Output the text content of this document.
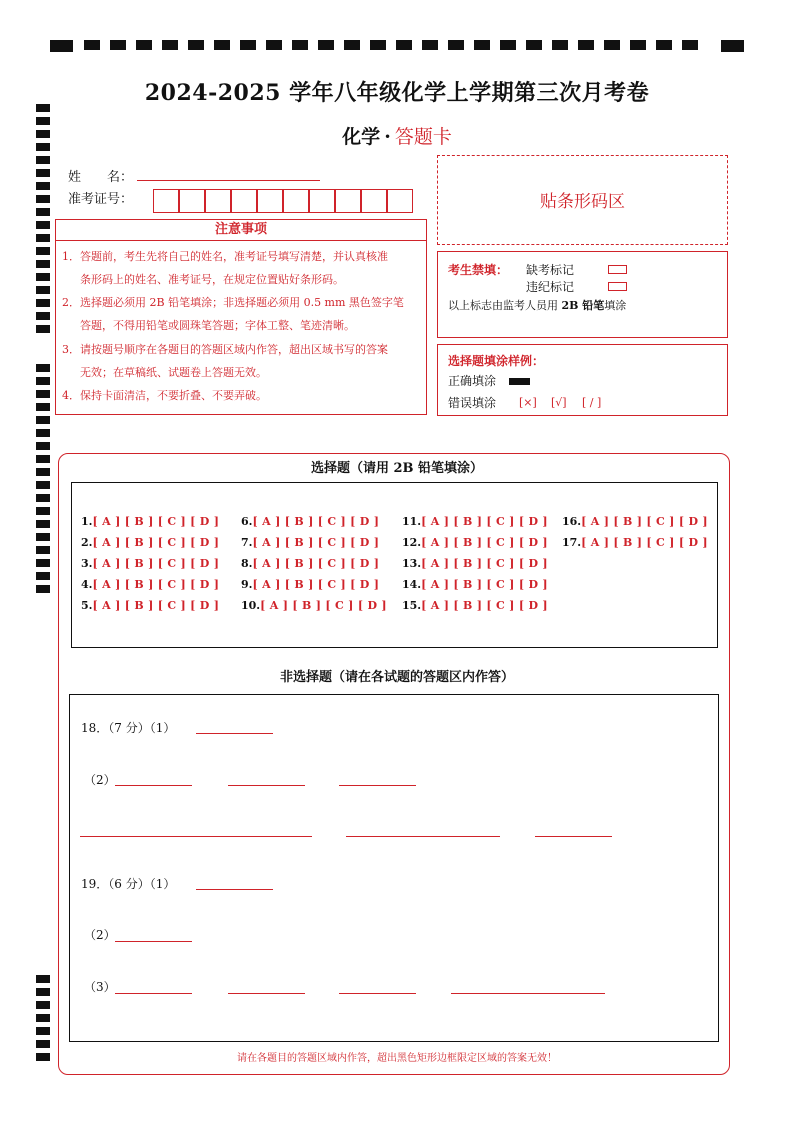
2024-2025 学年八年级化学上学期第三次月考卷
化学 · 答题卡
姓　　名：
准考证号：
注意事项
1．答题前，考生先将自己的姓名，准考证号填写清楚，并认真核准
条形码上的姓名、准考证号，在规定位置贴好条形码。
2．选择题必须用 2B 铅笔填涂；非选择题必须用 0.5 mm 黑色签字笔
答题，不得用铅笔或圆珠笔答题；字体工整、笔迹清晰。
3．请按题号顺序在各题目的答题区域内作答，超出区域书写的答案
无效；在草稿纸、试题卷上答题无效。
4．保持卡面清洁，不要折叠、不要弄破。
贴条形码区
考生禁填： 缺考标记
违纪标记
以上标志由监考人员用 2B 铅笔填涂
选择题填涂样例：
正确填涂
错误填涂 [×] [√] [ / ]
选择题（请用 2B 铅笔填涂）
1.[ A ] [ B ] [ C ] [ D ]
2.[ A ] [ B ] [ C ] [ D ]
3.[ A ] [ B ] [ C ] [ D ]
4.[ A ] [ B ] [ C ] [ D ]
5.[ A ] [ B ] [ C ] [ D ]
6.[ A ] [ B ] [ C ] [ D ]
7.[ A ] [ B ] [ C ] [ D ]
8.[ A ] [ B ] [ C ] [ D ]
9.[ A ] [ B ] [ C ] [ D ]
10.[ A ] [ B ] [ C ] [ D ]
11.[ A ] [ B ] [ C ] [ D ]
12.[ A ] [ B ] [ C ] [ D ]
13.[ A ] [ B ] [ C ] [ D ]
14.[ A ] [ B ] [ C ] [ D ]
15.[ A ] [ B ] [ C ] [ D ]
16.[ A ] [ B ] [ C ] [ D ]
17.[ A ] [ B ] [ C ] [ D ]
非选择题（请在各试题的答题区内作答）
18．（7 分）（1）
（2）
19．（6 分）（1）
（2）
（3）
请在各题目的答题区域内作答，超出黑色矩形边框限定区域的答案无效！
